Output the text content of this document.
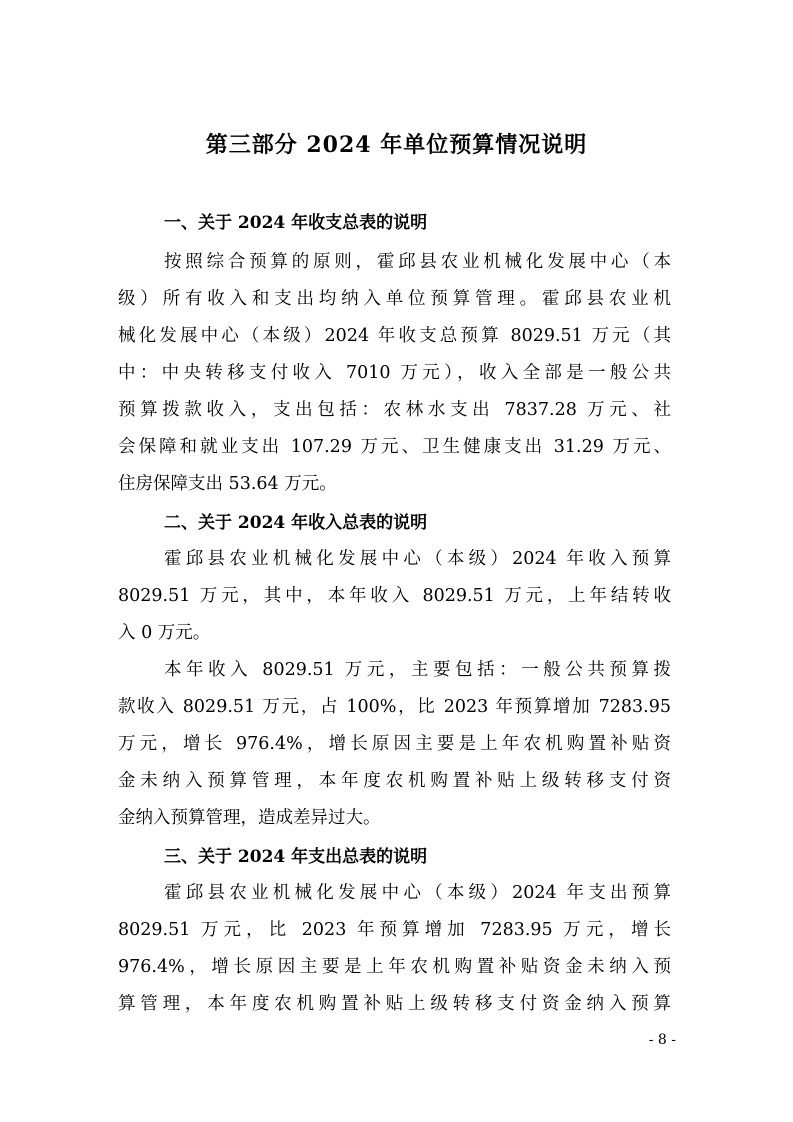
第三部分 2024 年单位预算情况说明
一、关于 2024 年收支总表的说明
按照综合预算的原则，霍邱县农业机械化发展中心（本
级）所有收入和支出均纳入单位预算管理。霍邱县农业机
械化发展中心（本级）2024 年收支总预算 8029.51 万元（其
中：中央转移支付收入 7010 万元），收入全部是一般公共
预算拨款收入，支出包括：农林水支出 7837.28 万元、社
会保障和就业支出 107.29 万元、卫生健康支出 31.29 万元、
住房保障支出 53.64 万元。
二、关于 2024 年收入总表的说明
霍邱县农业机械化发展中心（本级）2024 年收入预算
8029.51 万元，其中，本年收入 8029.51 万元，上年结转收
入 0 万元。
本年收入 8029.51 万元，主要包括：一般公共预算拨
款收入 8029.51 万元，占 100%，比 2023 年预算增加 7283.95
万元，增长 976.4%，增长原因主要是上年农机购置补贴资
金未纳入预算管理，本年度农机购置补贴上级转移支付资
金纳入预算管理，造成差异过大。
三、关于 2024 年支出总表的说明
霍邱县农业机械化发展中心（本级）2024 年支出预算
8029.51 万元，比 2023 年预算增加 7283.95 万元，增长
976.4%，增长原因主要是上年农机购置补贴资金未纳入预
算管理，本年度农机购置补贴上级转移支付资金纳入预算
- 8 -
